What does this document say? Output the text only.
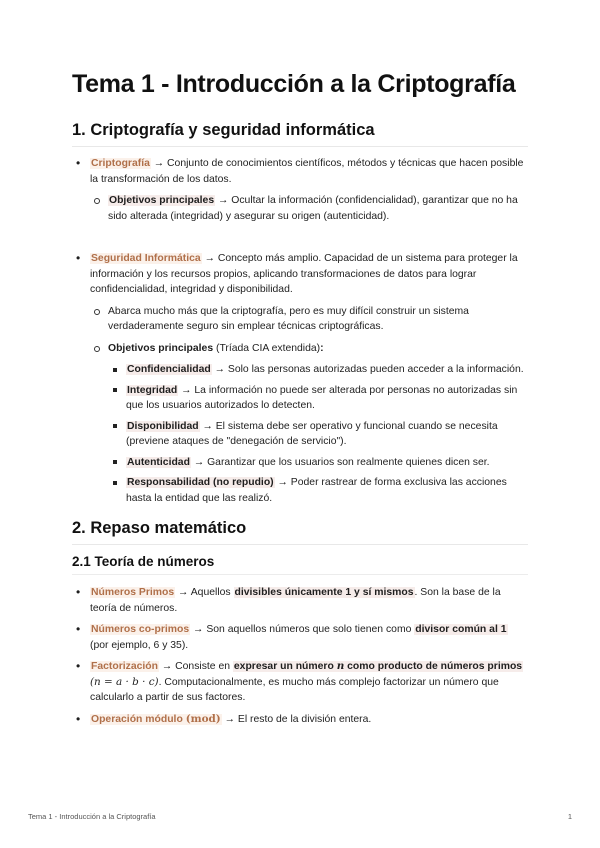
Tema 1 - Introducción a la Criptografía
1. Criptografía y seguridad informática
• Criptografía → Conjunto de conocimientos científicos, métodos y técnicas que hacen posible la transformación de los datos.
Objetivos principales → Ocultar la información (confidencialidad), garantizar que no ha sido alterada (integridad) y asegurar su origen (autenticidad).
• Seguridad Informática → Concepto más amplio. Capacidad de un sistema para proteger la información y los recursos propios, aplicando transformaciones de datos para lograr confidencialidad, integridad y disponibilidad.
Abarca mucho más que la criptografía, pero es muy difícil construir un sistema verdaderamente seguro sin emplear técnicas criptográficas.
Objetivos principales (Tríada CIA extendida):
Confidencialidad → Solo las personas autorizadas pueden acceder a la información.
Integridad → La información no puede ser alterada por personas no autorizadas sin que los usuarios autorizados lo detecten.
Disponibilidad → El sistema debe ser operativo y funcional cuando se necesita (previene ataques de "denegación de servicio").
Autenticidad → Garantizar que los usuarios son realmente quienes dicen ser.
Responsabilidad (no repudio) → Poder rastrear de forma exclusiva las acciones hasta la entidad que las realizó.
2. Repaso matemático
2.1 Teoría de números
• Números Primos → Aquellos divisibles únicamente 1 y sí mismos. Son la base de la teoría de números.
• Números co-primos → Son aquellos números que solo tienen como divisor común al 1 (por ejemplo, 6 y 35).
• Factorización → Consiste en expresar un número n como producto de números primos (n = a · b · c). Computacionalmente, es mucho más complejo factorizar un número que calcularlo a partir de sus factores.
• Operación módulo (mod) → El resto de la división entera.
Tema 1 - Introducción a la Criptografía	1
